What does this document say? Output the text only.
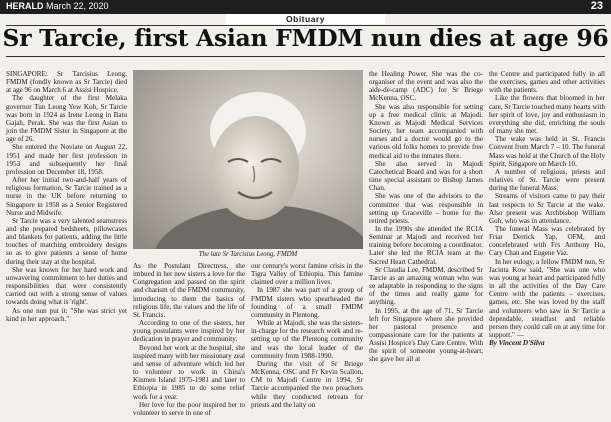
HERALD March 22, 2020	23
Obituary
Sr Tarcie, first Asian FMDM nun dies at age 96

SINGAPORE: Sr Tarcisius Leong, FMDM (fondly known as Sr Tarcie) died at age 96 on March 6 at Assisi Hospice.

The daughter of the first Melaka governor Tun Leong Yew Koh, Sr Tarcie was born in 1924 as Irene Leong in Batu Gajah, Perak. She was the first Asian to join the FMDM Sister in Singapore at the age of 26.

She entered the Noviate on August 22, 1951 and made her first profession in 1953 and subsequently her final profession on December 18, 1958.

After her initial two-and-half years of religious formation, Sr Tarcie trained as a nurse in the UK before returning to Singapore in 1958 as a Senior Registered Nurse and Midwife.

Sr Tarcie was a very talented seamstress and she prepared bedsheets, pillowcases and blankets for patients, adding the little touches of matching embroidery designs so as to give patients a sense of home during their stay at the hospital.

She was known for her hard work and unwavering commitment to her duties and responsibilities that were consistently carried out with a strong sense of values towards doing what is 'right'.

As one nun put it: "She was strict yet kind in her approach."

The late Sr Tarcisius Leong, FMDM

As the Postulant Directress, she imbued in her new sisters a love for the Congregation and passed on the spirit and charism of the FMDM community, introducing to them the basics of religious life, the values and the life of St. Francis.

According to one of the sisters, her young postulants were inspired by her dedication in prayer and community.

Beyond her work at the hospital, she inspired many with her missionary zeal and sense of adventure which led her to volunteer to work in China's Kinmen Island 1975-1981 and later to Ethiopia in 1985 to do some relief work for a year.

Her love for the poor inspired her to volunteer to serve in one of

our century's worst famine crisis in the Tigra Valley of Ethiopia. This famine claimed over a million lives.

In 1987 she was part of a group of FMDM sisters who spearheaded the founding of a small FMDM community in Plentong.

While at Majodi, she was the sisters-in-charge for the research work and re-setting up of the Plentong community and was the local leader of the community from 1988-1990.

During the visit of Sr Briege McKenna, OSC and Fr Kevin Scallon, CM to Majodi Centre in 1994, Sr Tarcie accompanied the two preachers while they conducted retreats for priests and the laity on

the Healing Power. She was the co-organiser of the event and was also the aide-de-camp (ADC) for Sr Briege McKenna, OSC.

She was also responsible for setting up a free medical clinic at Majodi. Known as Majodi Medical Services Society, her team accompanied with nurses and a doctor would go to the various old folks homes to provide free medical aid to the inmates there.

She also served in Majodi Catechetical Board and was for a short time special assistant to Bishop James Chan.

She was one of the advisors to the committee that was responsible in setting up Graceville – home for the retired priests.

In the 1990s she attended the RCIA Seminar at Majodi and received her training before becoming a coordinator. Later she led the RCIA team at the Sacred Heart Cathedral.

Sr Claudia Lee, FMDM, described Sr Tarcie as an amazing woman who was so adaptable in responding to the signs of the times and really game for anything.

In 1995, at the age of 71, Sr Tarcie left for Singapore where she provided her pastoral presence and compassionate care for the patients at Assisi Hospice's Day Care Centre. With the spirit of someone young-at-heart, she gave her all at

the Centre and participated fully in all the exercises, games and other activities with the patients.

Like the flowers that bloomed in her care, Sr Tarcie touched many hearts with her spirit of love, joy and enthusiasm in everything she did, enriching the souls of many she met.

The wake was held in St. Francis Convent from March 7 – 10. The funeral Mass was held at the Church of the Holy Spirit, Singapore on March 10.

A number of religious, priests and relatives of Sr. Tarcie were present during the funeral Mass.

Streams of visitors came to pay their last respects to Sr Tarcie at the wake. Also present was Archbishop William Goh, who was in attendance.

The funeral Mass was celebrated by Friar Derrick Yap, OFM, and concelebrated with Frs Anthony Ho, Cary Chan and Eugene Vaz.

In her eulogy, a fellow FMDM nun, Sr Jacinta Kow said, "She was one who was young at heart and participated fully in all the activities of the Day Care Centre with the patients – exercises, games, etc. She was loved by the staff and volunteers who saw in Sr Tarcie a dependable, steadfast and reliable person they could call on at any time for support." —

By Vincent D'Silva
